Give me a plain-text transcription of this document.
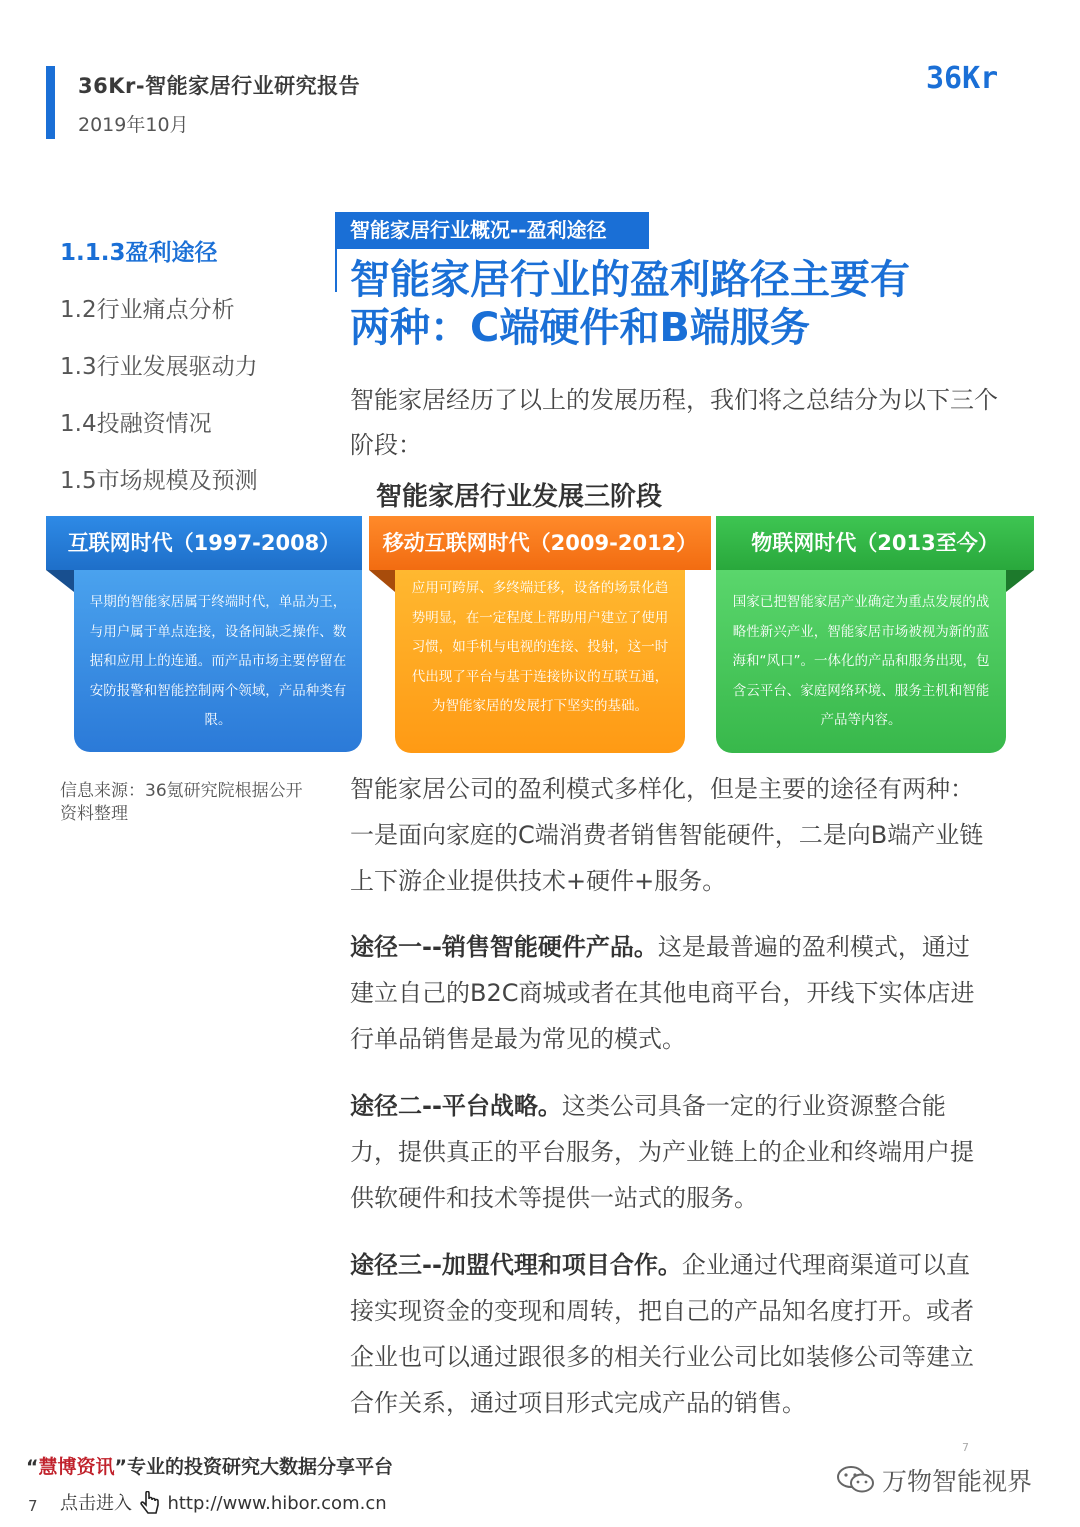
36Kr-智能家居行业研究报告
2019年10月
36Kr
1.1.3盈利途径
1.2行业痛点分析
1.3行业发展驱动力
1.4投融资情况
1.5市场规模及预测
智能家居行业概况--盈利途径
智能家居行业的盈利路径主要有
两种：C端硬件和B端服务
智能家居经历了以上的发展历程，我们将之总结分为以下三个阶段：
智能家居行业发展三阶段
互联网时代（1997-2008）
早期的智能家居属于终端时代，单品为王，与用户属于单点连接，设备间缺乏操作、数据和应用上的连通。而产品市场主要停留在安防报警和智能控制两个领域，产品种类有限。
移动互联网时代（2009-2012）
应用可跨屏、多终端迁移，设备的场景化趋势明显，在一定程度上帮助用户建立了使用习惯，如手机与电视的连接、投射，这一时代出现了平台与基于连接协议的互联互通，为智能家居的发展打下坚实的基础。
物联网时代（2013至今）
国家已把智能家居产业确定为重点发展的战略性新兴产业，智能家居市场被视为新的蓝海和“风口”。一体化的产品和服务出现，包含云平台、家庭网络环境、服务主机和智能产品等内容。
信息来源：36氪研究院根据公开资料整理
智能家居公司的盈利模式多样化，但是主要的途径有两种：一是面向家庭的C端消费者销售智能硬件，二是向B端产业链上下游企业提供技术+硬件+服务。
途径一--销售智能硬件产品。这是最普遍的盈利模式，通过建立自己的B2C商城或者在其他电商平台，开线下实体店进行单品销售是最为常见的模式。
途径二--平台战略。这类公司具备一定的行业资源整合能力，提供真正的平台服务，为产业链上的企业和终端用户提供软硬件和技术等提供一站式的服务。
途径三--加盟代理和项目合作。企业通过代理商渠道可以直接实现资金的变现和周转，把自己的产品知名度打开。或者企业也可以通过跟很多的相关行业公司比如装修公司等建立合作关系，通过项目形式完成产品的销售。
7
“慧博资讯”专业的投资研究大数据分享平台
7 点击进入 http://www.hibor.com.cn
万物智能视界
